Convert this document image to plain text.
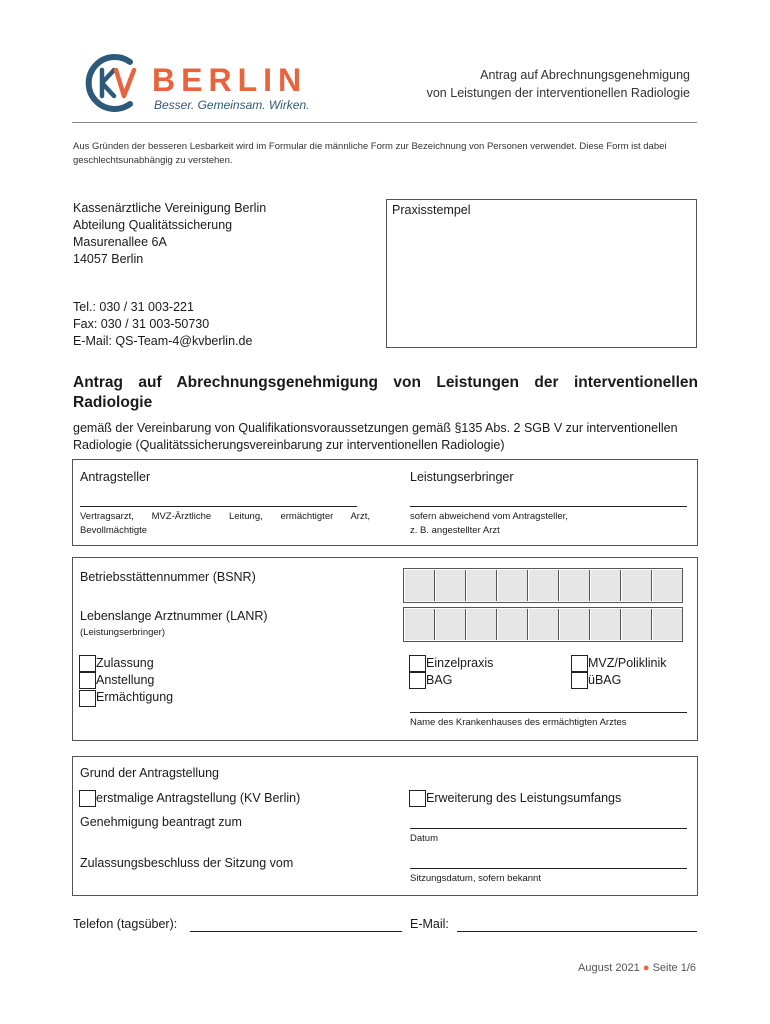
BERLIN
Besser. Gemeinsam. Wirken.
Antrag auf Abrechnungsgenehmigung
von Leistungen der interventionellen Radiologie
Aus Gründen der besseren Lesbarkeit wird im Formular die männliche Form zur Bezeichnung von Personen verwendet. Diese Form ist dabei geschlechtsunabhängig zu verstehen.
Kassenärztliche Vereinigung Berlin
Abteilung Qualitätssicherung
Masurenallee 6A
14057 Berlin
Tel.: 030 / 31 003-221
Fax: 030 / 31 003-50730
E-Mail: QS-Team-4@kvberlin.de
Praxisstempel
Antrag auf Abrechnungsgenehmigung von Leistungen der interventionellen
Radiologie
gemäß der Vereinbarung von Qualifikationsvoraussetzungen gemäß §135 Abs. 2 SGB V zur interventionellen
Radiologie (Qualitätssicherungsvereinbarung zur interventionellen Radiologie)
Antragsteller
Vertragsarzt, MVZ-Ärztliche Leitung, ermächtigter Arzt, Bevollmächtigte
Leistungserbringer
sofern abweichend vom Antragsteller,
z. B. angestellter Arzt
Betriebsstättennummer (BSNR)
Lebenslange Arztnummer (LANR)
(Leistungserbringer)
Zulassung
Anstellung
Ermächtigung
Einzelpraxis
BAG
MVZ/Poliklinik
üBAG
Name des Krankenhauses des ermächtigten Arztes
Grund der Antragstellung
erstmalige Antragstellung (KV Berlin)	Erweiterung des Leistungsumfangs
Genehmigung beantragt zum
Datum
Zulassungsbeschluss der Sitzung vom
Sitzungsdatum, sofern bekannt
Telefon (tagsüber):	E-Mail:
August 2021 ● Seite 1/6
